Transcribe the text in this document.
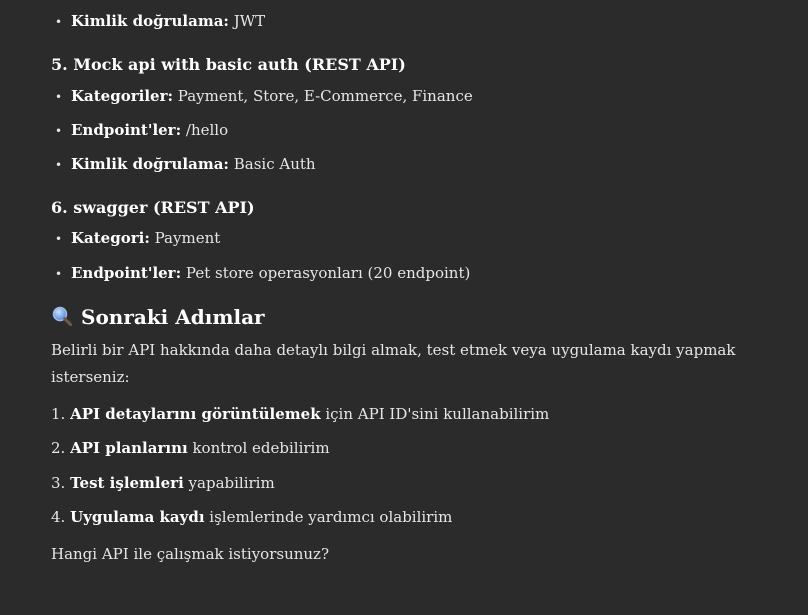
• Kimlik doğrulama: JWT
5. Mock api with basic auth (REST API)
• Kategoriler: Payment, Store, E-Commerce, Finance
• Endpoint'ler: /hello
• Kimlik doğrulama: Basic Auth
6. swagger (REST API)
• Kategori: Payment
• Endpoint'ler: Pet store operasyonları (20 endpoint)
Sonraki Adımlar
Belirli bir API hakkında daha detaylı bilgi almak, test etmek veya uygulama kaydı yapmak isterseniz:
1. API detaylarını görüntülemek için API ID'sini kullanabilirim
2. API planlarını kontrol edebilirim
3. Test işlemleri yapabilirim
4. Uygulama kaydı işlemlerinde yardımcı olabilirim
Hangi API ile çalışmak istiyorsunuz?
